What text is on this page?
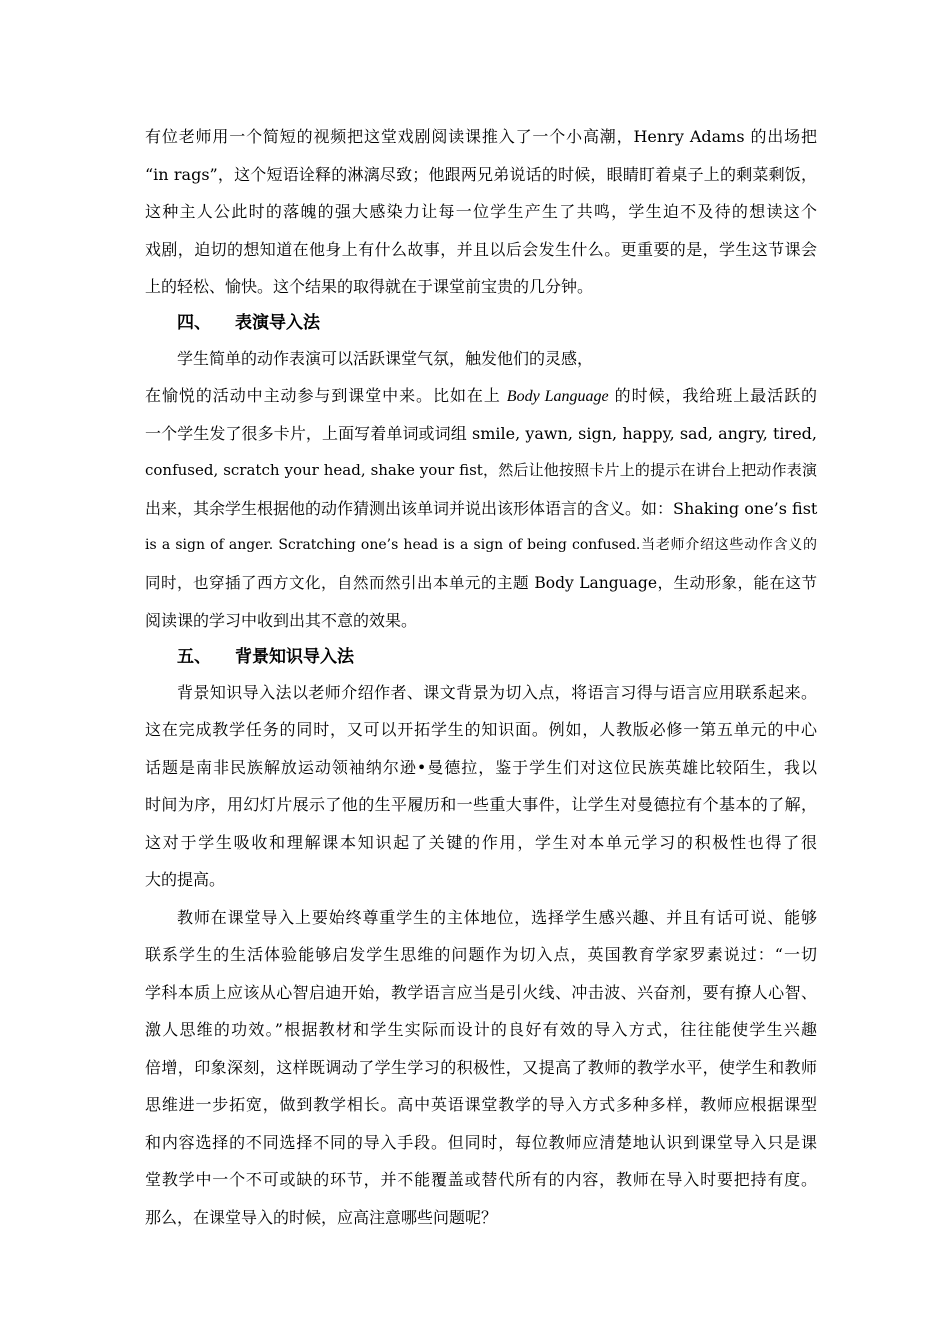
有位老师用一个简短的视频把这堂戏剧阅读课推入了一个小高潮，Henry Adams 的出场把
“in rags”，这个短语诠释的淋漓尽致；他跟两兄弟说话的时候，眼睛盯着桌子上的剩菜剩饭，
这种主人公此时的落魄的强大感染力让每一位学生产生了共鸣，学生迫不及待的想读这个
戏剧，迫切的想知道在他身上有什么故事，并且以后会发生什么。更重要的是，学生这节课会
上的轻松、愉快。这个结果的取得就在于课堂前宝贵的几分钟。
四、 表演导入法
学生简单的动作表演可以活跃课堂气氛，触发他们的灵感，
在愉悦的活动中主动参与到课堂中来。比如在上 Body Language 的时候，我给班上最活跃的
一个学生发了很多卡片，上面写着单词或词组 smile, yawn, sign, happy, sad, angry, tired,
confused, scratch your head, shake your fist，然后让他按照卡片上的提示在讲台上把动作表演
出来，其余学生根据他的动作猜测出该单词并说出该形体语言的含义。如：Shaking one’s fist
is a sign of anger. Scratching one’s head is a sign of being confused.当老师介绍这些动作含义的
同时，也穿插了西方文化，自然而然引出本单元的主题 Body Language，生动形象，能在这节
阅读课的学习中收到出其不意的效果。
五、 背景知识导入法
背景知识导入法以老师介绍作者、课文背景为切入点，将语言习得与语言应用联系起来。
这在完成教学任务的同时，又可以开拓学生的知识面。例如，人教版必修一第五单元的中心
话题是南非民族解放运动领袖纳尔逊•曼德拉，鉴于学生们对这位民族英雄比较陌生，我以
时间为序，用幻灯片展示了他的生平履历和一些重大事件，让学生对曼德拉有个基本的了解，
这对于学生吸收和理解课本知识起了关键的作用，学生对本单元学习的积极性也得了很
大的提高。
教师在课堂导入上要始终尊重学生的主体地位，选择学生感兴趣、并且有话可说、能够
联系学生的生活体验能够启发学生思维的问题作为切入点，英国教育学家罗素说过：“一切
学科本质上应该从心智启迪开始，教学语言应当是引火线、冲击波、兴奋剂，要有撩人心智、
激人思维的功效。”根据教材和学生实际而设计的良好有效的导入方式，往往能使学生兴趣
倍增，印象深刻，这样既调动了学生学习的积极性，又提高了教师的教学水平，使学生和教师
思维进一步拓宽，做到教学相长。高中英语课堂教学的导入方式多种多样，教师应根据课型
和内容选择的不同选择不同的导入手段。但同时，每位教师应清楚地认识到课堂导入只是课
堂教学中一个不可或缺的环节，并不能覆盖或替代所有的内容，教师在导入时要把持有度。
那么，在课堂导入的时候，应高注意哪些问题呢？
